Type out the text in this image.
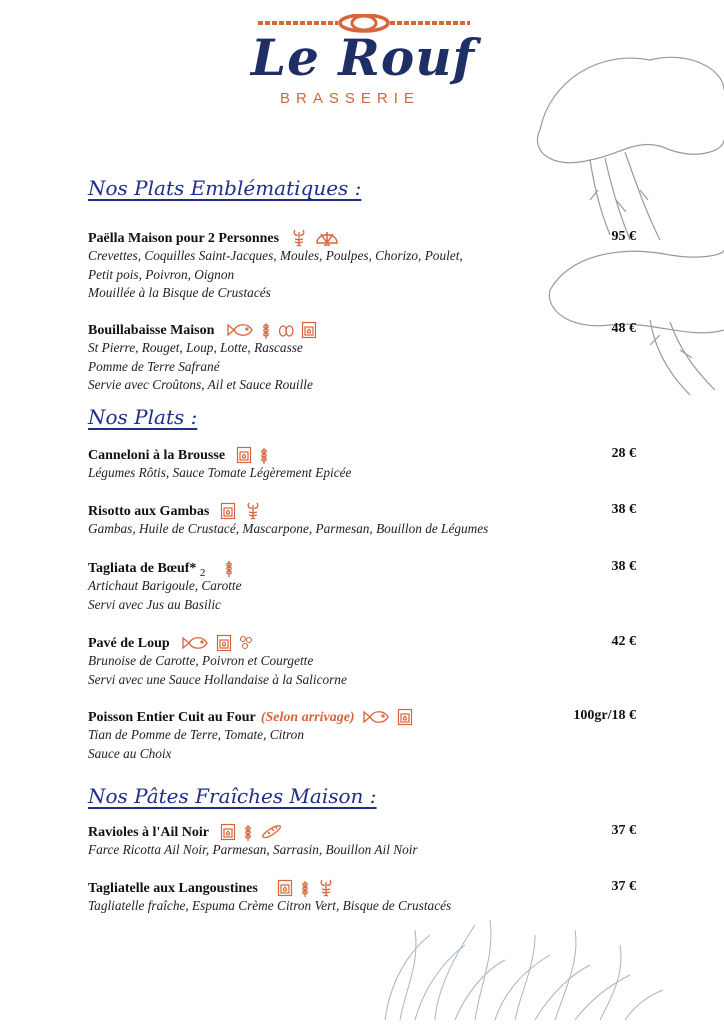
Le Rouf
BRASSERIE
Nos Plats Emblématiques :
Paëlla Maison pour 2 Personnes	95 €
Crevettes, Coquilles Saint-Jacques, Moules, Poulpes, Chorizo, Poulet,
Petit pois, Poivron, Oignon
Mouillée à la Bisque de Crustacés
Bouillabaisse Maison	48 €
St Pierre, Rouget, Loup, Lotte, Rascasse
Pomme de Terre Safrané
Servie avec Croûtons, Ail et Sauce Rouille
Nos Plats :
Canneloni à la Brousse	28 €
Légumes Rôtis, Sauce Tomate Légèrement Epicée
Risotto aux Gambas	38 €
Gambas, Huile de Crustacé, Mascarpone, Parmesan, Bouillon de Légumes
Tagliata de Bœuf* $_2$	38 €
Artichaut Barigoule, Carotte
Servi avec Jus au Basilic
Pavé de Loup	42 €
Brunoise de Carotte, Poivron et Courgette
Servi avec une Sauce Hollandaise à la Salicorne
Poisson Entier Cuit au Four (Selon arrivage)	100gr/18 €
Tian de Pomme de Terre, Tomate, Citron
Sauce au Choix
Nos Pâtes Fraîches Maison :
Ravioles à l'Ail Noir	37 €
Farce Ricotta Ail Noir, Parmesan, Sarrasin, Bouillon Ail Noir
Tagliatelle aux Langoustines	37 €
Tagliatelle fraîche, Espuma Crème Citron Vert, Bisque de Crustacés
